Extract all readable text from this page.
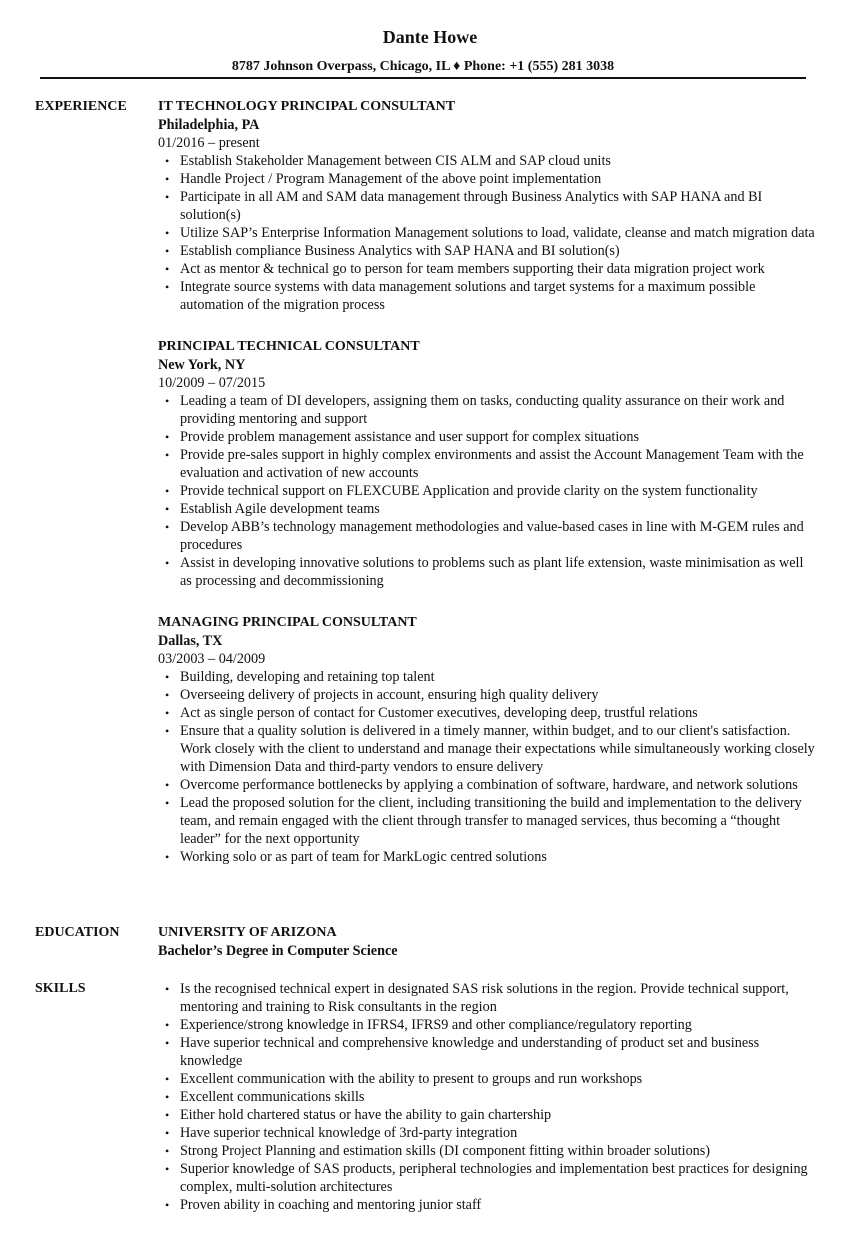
Dante Howe
8787 Johnson Overpass, Chicago, IL ♦ Phone: +1 (555) 281 3038
EXPERIENCE IT TECHNOLOGY PRINCIPAL CONSULTANT
Philadelphia, PA
01/2016 – present
• Establish Stakeholder Management between CIS ALM and SAP cloud units
• Handle Project / Program Management of the above point implementation
• Participate in all AM and SAM data management through Business Analytics with SAP HANA and BI solution(s)
• Utilize SAP’s Enterprise Information Management solutions to load, validate, cleanse and match migration data
• Establish compliance Business Analytics with SAP HANA and BI solution(s)
• Act as mentor & technical go to person for team members supporting their data migration project work
• Integrate source systems with data management solutions and target systems for a maximum possible automation of the migration process
PRINCIPAL TECHNICAL CONSULTANT
New York, NY
10/2009 – 07/2015
• Leading a team of DI developers, assigning them on tasks, conducting quality assurance on their work and providing mentoring and support
• Provide problem management assistance and user support for complex situations
• Provide pre-sales support in highly complex environments and assist the Account Management Team with the evaluation and activation of new accounts
• Provide technical support on FLEXCUBE Application and provide clarity on the system functionality
• Establish Agile development teams
• Develop ABB’s technology management methodologies and value-based cases in line with M-GEM rules and procedures
• Assist in developing innovative solutions to problems such as plant life extension, waste minimisation as well as processing and decommissioning
MANAGING PRINCIPAL CONSULTANT
Dallas, TX
03/2003 – 04/2009
• Building, developing and retaining top talent
• Overseeing delivery of projects in account, ensuring high quality delivery
• Act as single person of contact for Customer executives, developing deep, trustful relations
• Ensure that a quality solution is delivered in a timely manner, within budget, and to our client's satisfaction. Work closely with the client to understand and manage their expectations while simultaneously working closely with Dimension Data and third-party vendors to ensure delivery
• Overcome performance bottlenecks by applying a combination of software, hardware, and network solutions
• Lead the proposed solution for the client, including transitioning the build and implementation to the delivery team, and remain engaged with the client through transfer to managed services, thus becoming a “thought leader” for the next opportunity
• Working solo or as part of team for MarkLogic centred solutions
EDUCATION	UNIVERSITY OF ARIZONA
Bachelor’s Degree in Computer Science
SKILLS	• Is the recognised technical expert in designated SAS risk solutions in the region. Provide technical support, mentoring and training to Risk consultants in the region
• Experience/strong knowledge in IFRS4, IFRS9 and other compliance/regulatory reporting
• Have superior technical and comprehensive knowledge and understanding of product set and business knowledge
• Excellent communication with the ability to present to groups and run workshops
• Excellent communications skills
• Either hold chartered status or have the ability to gain chartership
• Have superior technical knowledge of 3rd-party integration
• Strong Project Planning and estimation skills (DI component fitting within broader solutions)
• Superior knowledge of SAS products, peripheral technologies and implementation best practices for designing complex, multi-solution architectures
• Proven ability in coaching and mentoring junior staff
